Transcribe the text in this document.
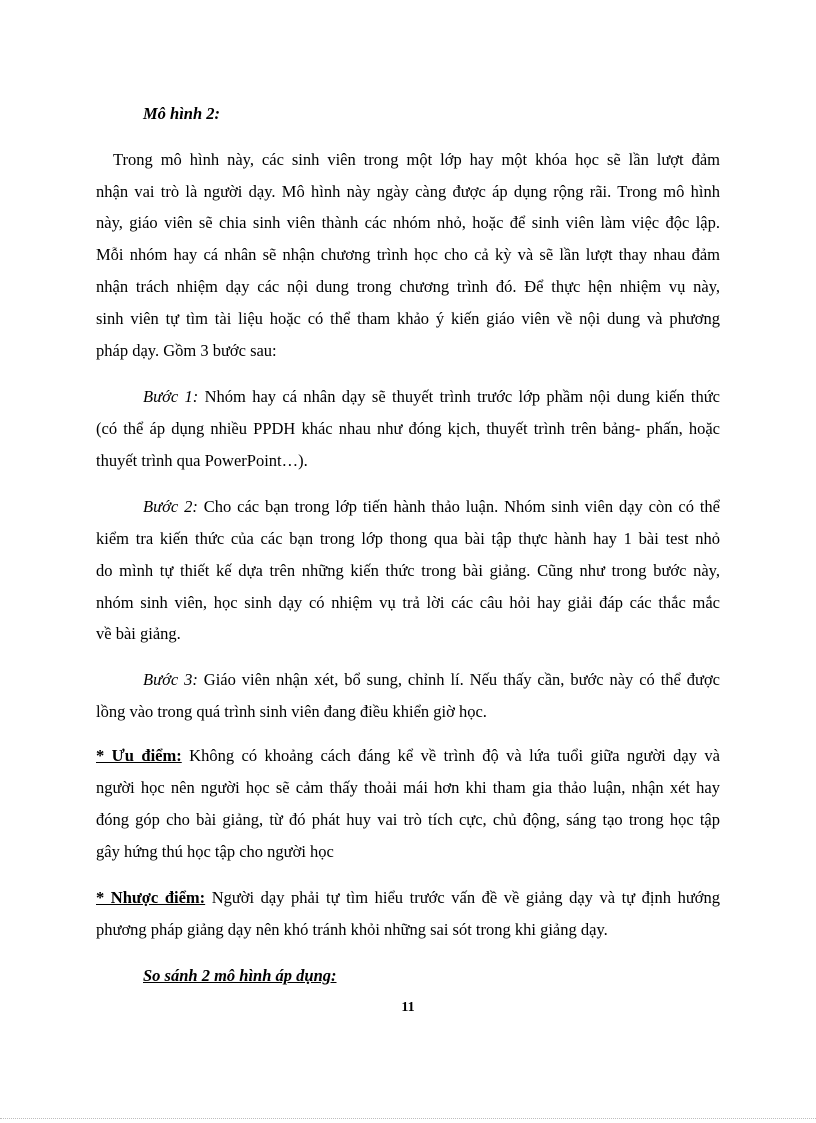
Mô hình 2:
Trong mô hình này, các sinh viên trong một lớp hay một khóa học sẽ lần lượt đảm
nhận vai trò là người dạy. Mô hình này ngày càng được áp dụng rộng rãi. Trong mô hình
này, giáo viên sẽ chia sinh viên thành các nhóm nhỏ, hoặc để sinh viên làm việc độc lập.
Mỗi nhóm hay cá nhân sẽ nhận chương trình học cho cả kỳ và sẽ lần lượt thay nhau đảm
nhận trách nhiệm dạy các nội dung trong chương trình đó. Để thực hện nhiệm vụ này,
sinh viên tự tìm tài liệu hoặc có thể tham khảo ý kiến giáo viên về nội dung và phương
pháp dạy. Gồm 3 bước sau:
Bước 1: Nhóm hay cá nhân dạy sẽ thuyết trình trước lớp phầm nội dung kiến thức
(có thể áp dụng nhiều PPDH khác nhau như đóng kịch, thuyết trình trên bảng- phấn, hoặc
thuyết trình qua PowerPoint…).
Bước 2: Cho các bạn trong lớp tiến hành thảo luận. Nhóm sinh viên dạy còn có thể
kiểm tra kiến thức của các bạn trong lớp thong qua bài tập thực hành hay 1 bài test nhỏ
do mình tự thiết kế dựa trên những kiến thức trong bài giảng. Cũng như trong bước này,
nhóm sinh viên, học sinh dạy có nhiệm vụ trả lời các câu hỏi hay giải đáp các thắc mắc
về bài giảng.
Bước 3: Giáo viên nhận xét, bổ sung, chỉnh lí. Nếu thấy cần, bước này có thể được
lồng vào trong quá trình sinh viên đang điều khiển giờ học.
* Ưu điểm: Không có khoảng cách đáng kể về trình độ và lứa tuổi giữa người dạy và
người học nên người học sẽ cảm thấy thoải mái hơn khi tham gia thảo luận, nhận xét hay
đóng góp cho bài giảng, từ đó phát huy vai trò tích cực, chủ động, sáng tạo trong học tập
gây hứng thú học tập cho người học
* Nhược điểm: Người dạy phải tự tìm hiểu trước vấn đề về giảng dạy và tự định hướng
phương pháp giảng dạy nên khó tránh khỏi những sai sót trong khi giảng dạy.
So sánh 2 mô hình áp dụng:
11
